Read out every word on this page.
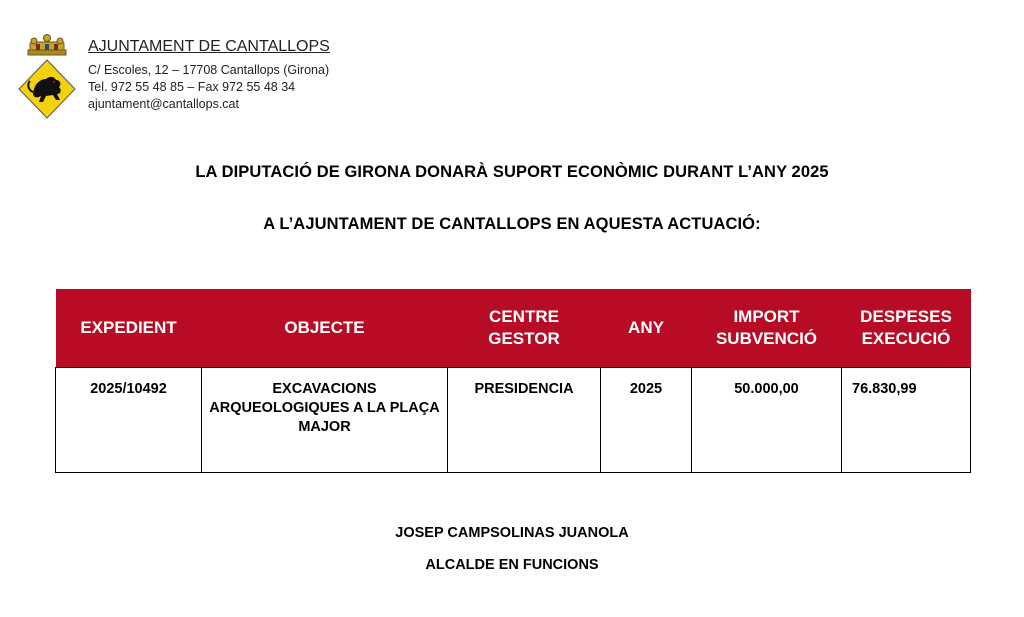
AJUNTAMENT DE CANTALLOPS
C/ Escoles, 12 – 17708 Cantallops (Girona)
Tel. 972 55 48 85 – Fax 972 55 48 34
ajuntament@cantallops.cat
LA DIPUTACIÓ DE GIRONA DONARÀ SUPORT ECONÒMIC DURANT L’ANY 2025
A L’AJUNTAMENT DE CANTALLOPS EN AQUESTA ACTUACIÓ:
EXPEDIENT	OBJECTE	CENTRE GESTOR	ANY	IMPORT SUBVENCIÓ	DESPESES EXECUCIÓ
2025/10492	EXCAVACIONS ARQUEOLOGIQUES A LA PLAÇA MAJOR	PRESIDENCIA	2025	50.000,00	76.830,99
JOSEP CAMPSOLINAS JUANOLA
ALCALDE EN FUNCIONS
